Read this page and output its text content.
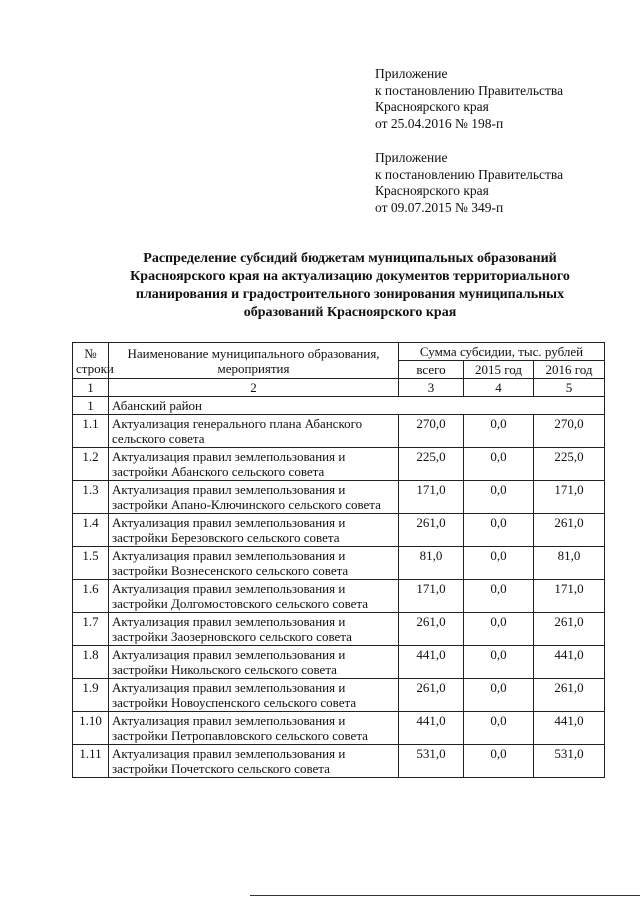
Приложение
к постановлению Правительства
Красноярского края
от 25.04.2016 № 198-п
Приложение
к постановлению Правительства
Красноярского края
от 09.07.2015 № 349-п
Распределение субсидий бюджетам муниципальных образований
Красноярского края на актуализацию документов территориального
планирования и градостроительного зонирования муниципальных
образований Красноярского края
№ строки	Наименование муниципального образования, мероприятия	Сумма субсидии, тыс. рублей		
		всего	2015 год	2016 год
1	2	3	4	5
1	Абанский район			
1.1	Актуализация генерального плана Абанского сельского совета	270,0	0,0	270,0
1.2	Актуализация правил землепользования и застройки Абанского сельского совета	225,0	0,0	225,0
1.3	Актуализация правил землепользования и застройки Апано-Ключинского сельского совета	171,0	0,0	171,0
1.4	Актуализация правил землепользования и застройки Березовского сельского совета	261,0	0,0	261,0
1.5	Актуализация правил землепользования и застройки Вознесенского сельского совета	81,0	0,0	81,0
1.6	Актуализация правил землепользования и застройки Долгомостовского сельского совета	171,0	0,0	171,0
1.7	Актуализация правил землепользования и застройки Заозерновского сельского совета	261,0	0,0	261,0
1.8	Актуализация правил землепользования и застройки Никольского сельского совета	441,0	0,0	441,0
1.9	Актуализация правил землепользования и застройки Новоуспенского сельского совета	261,0	0,0	261,0
1.10	Актуализация правил землепользования и застройки Петропавловского сельского совета	441,0	0,0	441,0
1.11	Актуализация правил землепользования и застройки Почетского сельского совета	531,0	0,0	531,0
